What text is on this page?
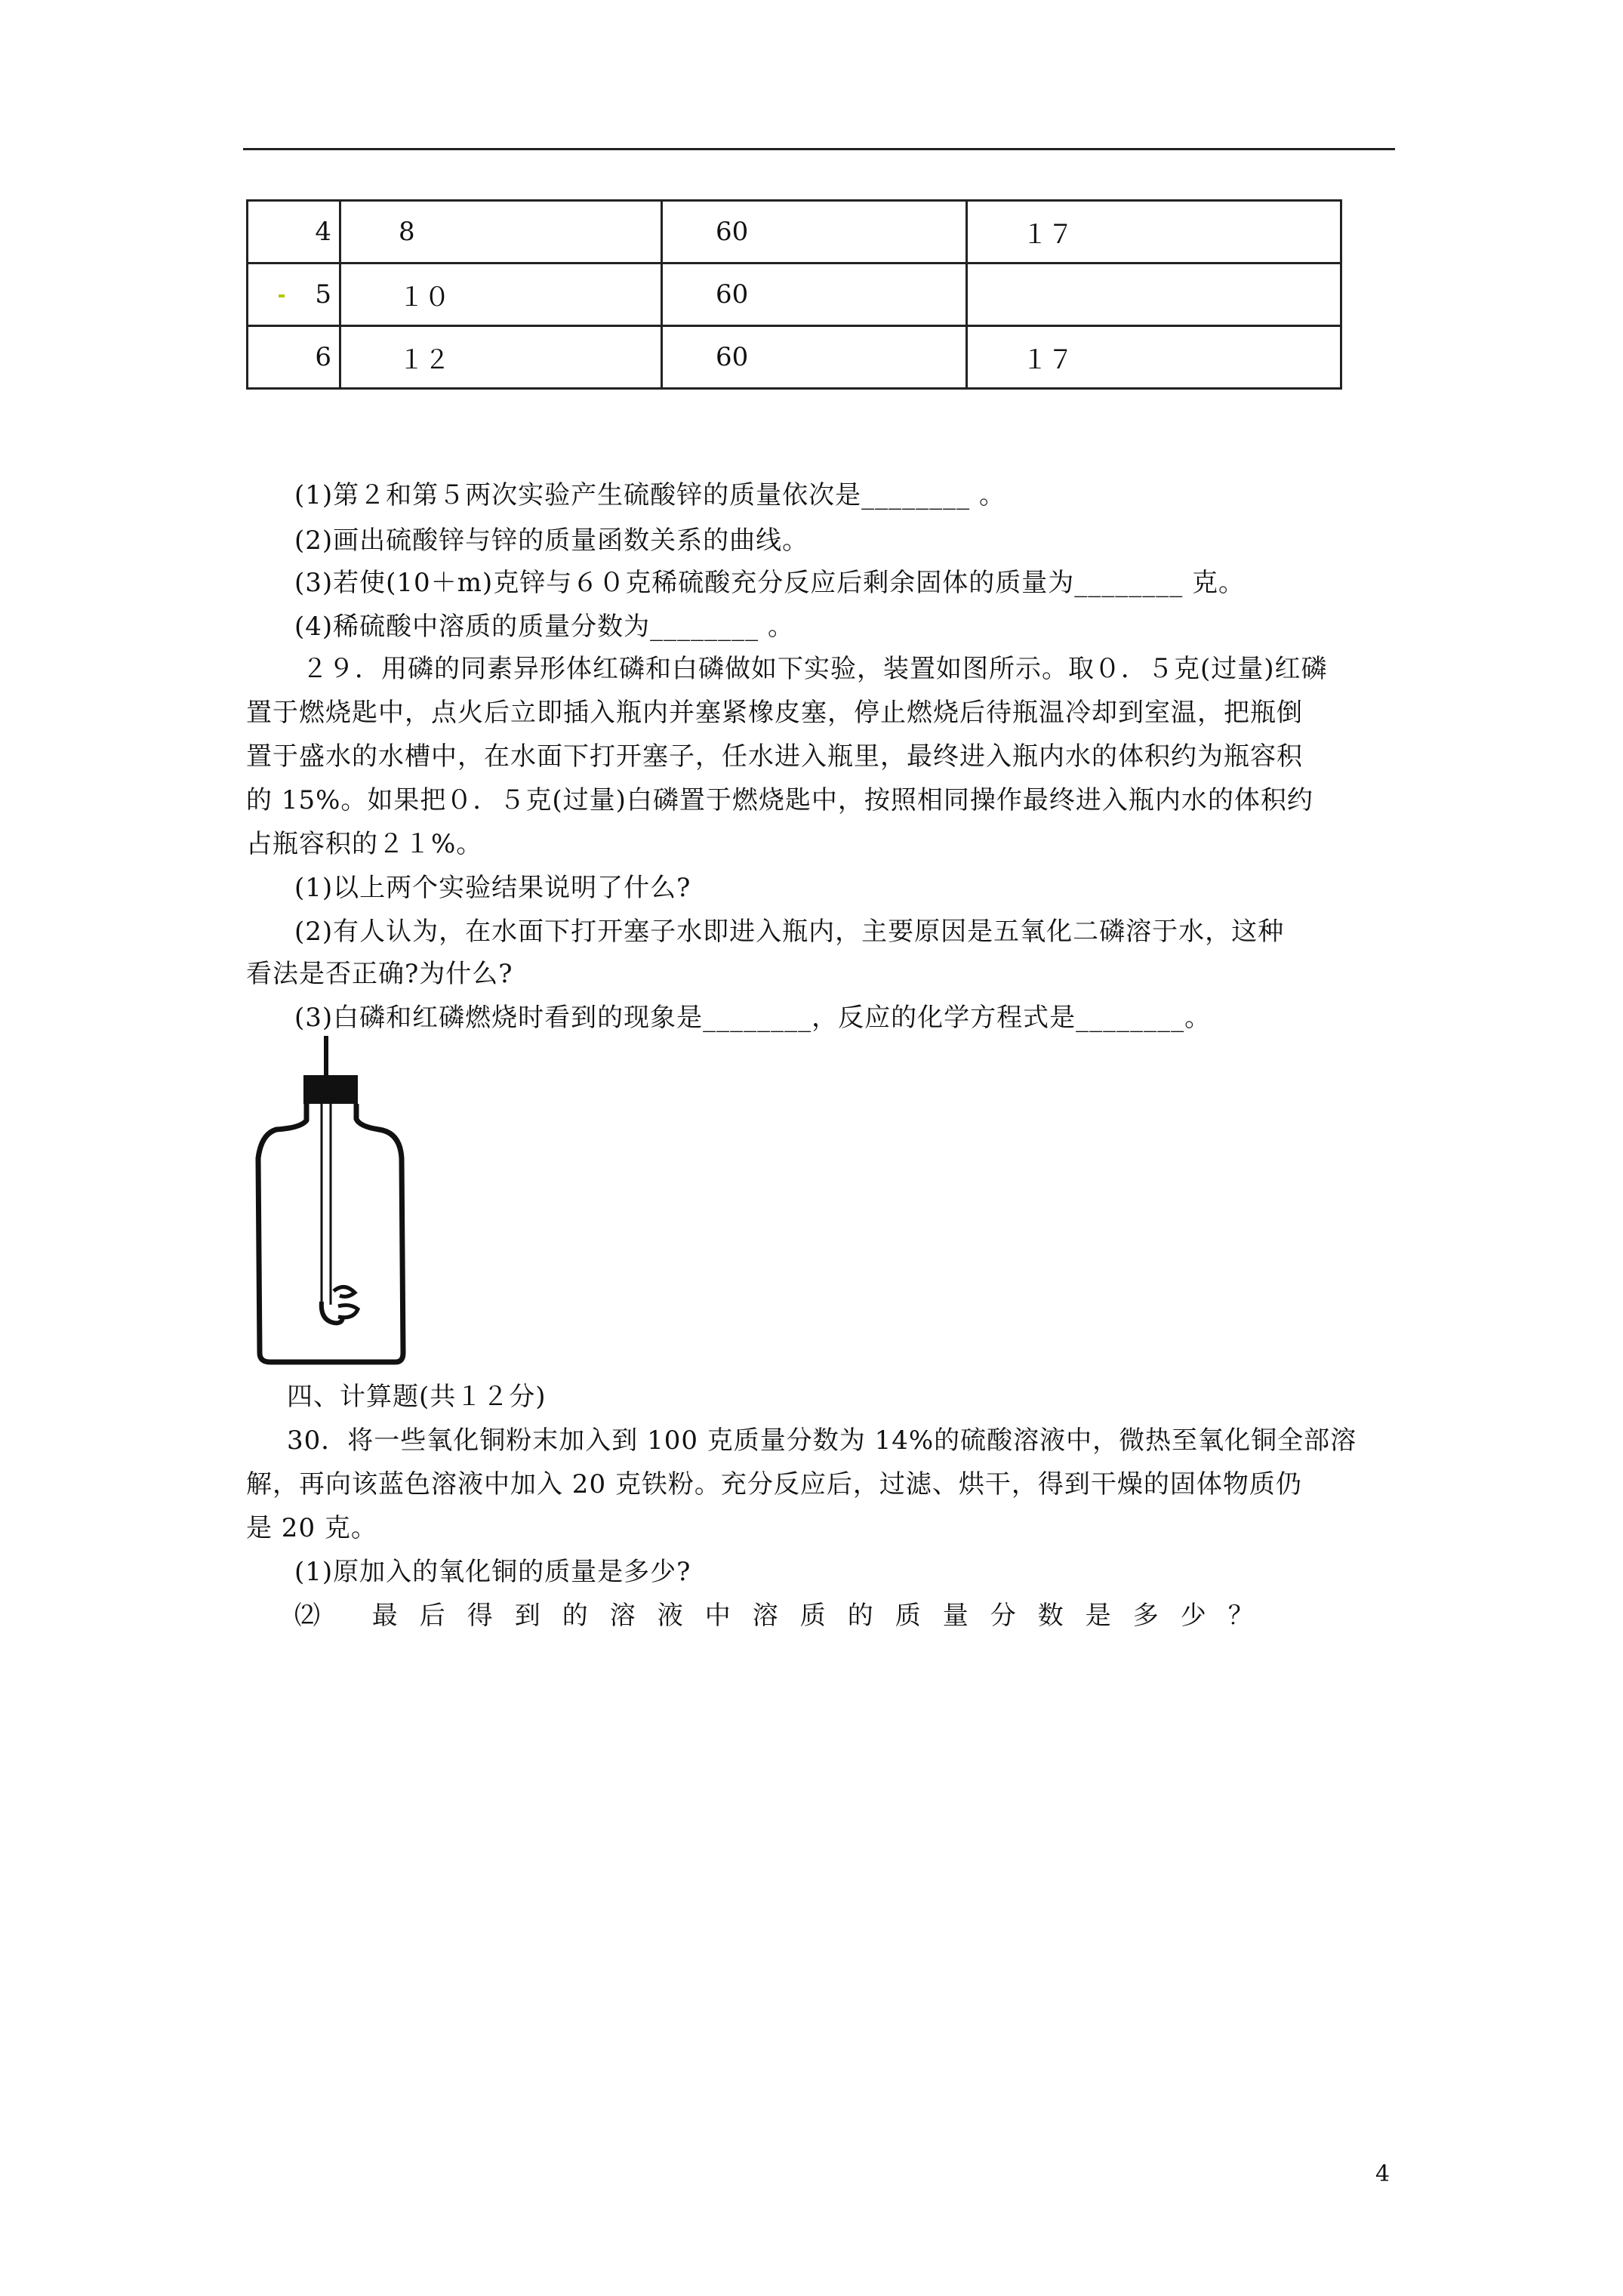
4	8	60	１７
5	１０	60	
6	１２	60	１７
(1)第２和第５两次实验产生硫酸锌的质量依次是________ 。
(2)画出硫酸锌与锌的质量函数关系的曲线。
(3)若使(10＋m)克锌与６０克稀硫酸充分反应后剩余固体的质量为________ 克。
(4)稀硫酸中溶质的质量分数为________ 。
２９．用磷的同素异形体红磷和白磷做如下实验，装置如图所示。取０．５克(过量)红磷
置于燃烧匙中，点火后立即插入瓶内并塞紧橡皮塞，停止燃烧后待瓶温冷却到室温，把瓶倒
置于盛水的水槽中，在水面下打开塞子，任水进入瓶里，最终进入瓶内水的体积约为瓶容积
的 15%。如果把０．５克(过量)白磷置于燃烧匙中，按照相同操作最终进入瓶内水的体积约
占瓶容积的２１%。
(1)以上两个实验结果说明了什么?
(2)有人认为，在水面下打开塞子水即进入瓶内，主要原因是五氧化二磷溶于水，这种
看法是否正确?为什么?
(3)白磷和红磷燃烧时看到的现象是________，反应的化学方程式是________。
四、计算题(共１２分)
30．将一些氧化铜粉末加入到 100 克质量分数为 14%的硫酸溶液中，微热至氧化铜全部溶
解，再向该蓝色溶液中加入 20 克铁粉。充分反应后，过滤、烘干，得到干燥的固体物质仍
是 20 克。
(1)原加入的氧化铜的质量是多少?
⑵ 最后得到的溶液中溶质的质量分数是多少？
4
